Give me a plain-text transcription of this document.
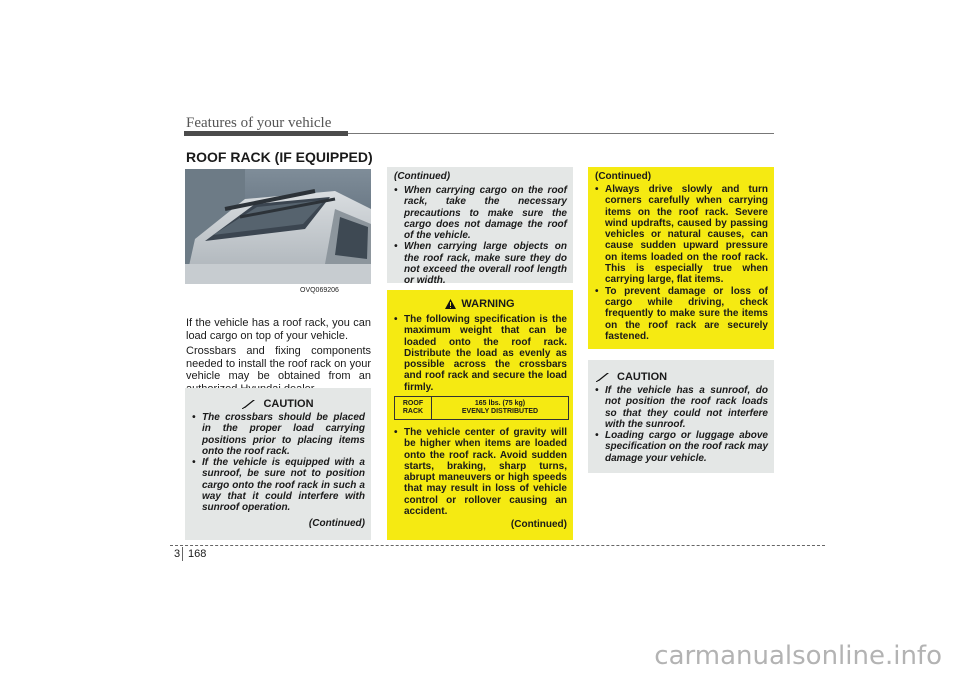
Features of your vehicle
ROOF RACK (IF EQUIPPED)
OVQ069206
If the vehicle has a roof rack, you can load cargo on top of your vehicle.
Crossbars and fixing components needed to install the roof rack on your vehicle may be obtained from an
CAUTION
• The crossbars should be placed in the proper load carrying positions prior to placing items onto the roof rack.
• If the vehicle is equipped with a sunroof, be sure not to position cargo onto the roof rack in such a way that it could interfere with sunroof operation.
(Continued)
(Continued)
• When carrying cargo on the roof rack, take the necessary precautions to make sure the cargo does not damage the roof of the vehicle.
• When carrying large objects on the roof rack, make sure they do not exceed the overall roof length or width.
WARNING
• The following specification is the maximum weight that can be loaded onto the roof rack. Distribute the load as evenly as possible across the crossbars and roof rack and secure the load firmly.
ROOF
RACK
165 lbs. (75 kg)
EVENLY DISTRIBUTED
• The vehicle center of gravity will be higher when items are loaded onto the roof rack. Avoid sudden starts, braking, sharp turns, abrupt maneuvers or high speeds that may result in loss of vehicle control or rollover causing an accident.
(Continued)
(Continued)
• Always drive slowly and turn corners carefully when carrying items on the roof rack. Severe wind updrafts, caused by passing vehicles or natural causes, can cause sudden upward pressure on items loaded on the roof rack. This is especially true when carrying large, flat items.
• To prevent damage or loss of cargo while driving, check frequently to make sure the items on the roof rack are securely fastened.
CAUTION
• If the vehicle has a sunroof, do not position the roof rack loads so that they could not interfere with the sunroof.
• Loading cargo or luggage above specification on the roof rack may damage your vehicle.
3 168
carmanualsonline.info
